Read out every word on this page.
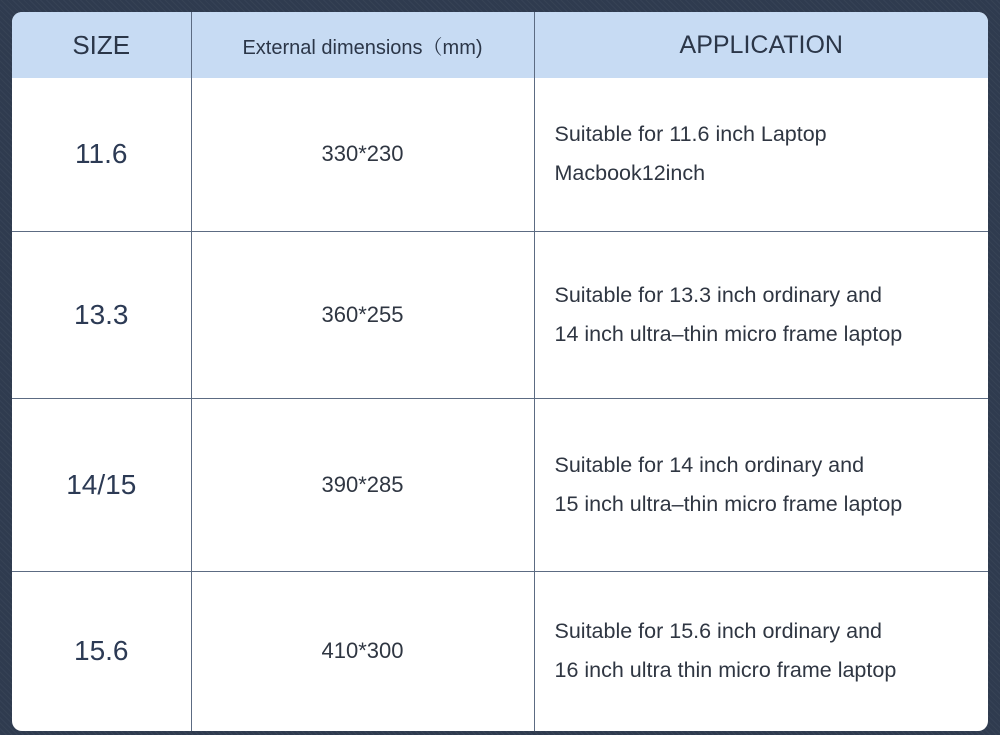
SIZE	External dimensions（mm)	APPLICATION
11.6	330*230	Suitable for 11.6 inch Laptop
Macbook12inch

13.3	360*255	Suitable for 13.3 inch ordinary and
14 inch ultra–thin micro frame laptop

14/15	390*285	Suitable for 14 inch ordinary and
15 inch ultra–thin micro frame laptop

15.6	410*300	Suitable for 15.6 inch ordinary and
16 inch ultra thin micro frame laptop
